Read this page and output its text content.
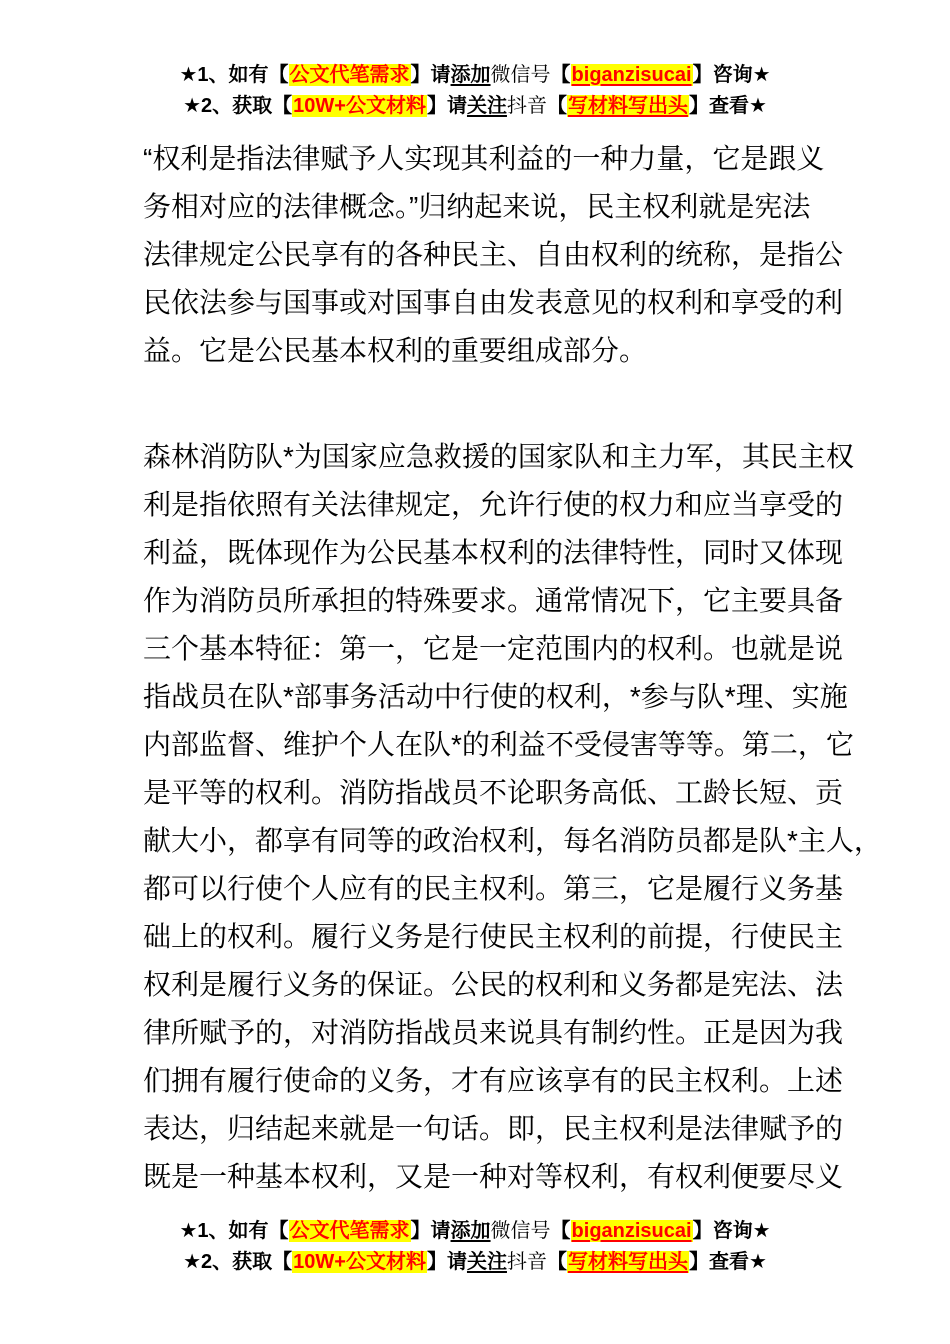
★1、如有【公文代笔需求】请添加微信号【biganzisucai】咨询★
★2、获取【10W+公文材料】请关注抖音【写材料写出头】查看★
“权利是指法律赋予人实现其利益的一种力量，它是跟义
务相对应的法律概念。”归纳起来说，民主权利就是宪法
法律规定公民享有的各种民主、自由权利的统称，是指公
民依法参与国事或对国事自由发表意见的权利和享受的利
益。它是公民基本权利的重要组成部分。
森林消防队*为国家应急救援的国家队和主力军，其民主权
利是指依照有关法律规定，允许行使的权力和应当享受的
利益，既体现作为公民基本权利的法律特性，同时又体现
作为消防员所承担的特殊要求。通常情况下，它主要具备
三个基本特征：第一，它是一定范围内的权利。也就是说
指战员在队*部事务活动中行使的权利，*参与队*理、实施
内部监督、维护个人在队*的利益不受侵害等等。第二，它
是平等的权利。消防指战员不论职务高低、工龄长短、贡
献大小，都享有同等的政治权利，每名消防员都是队*主人，
都可以行使个人应有的民主权利。第三，它是履行义务基
础上的权利。履行义务是行使民主权利的前提，行使民主
权利是履行义务的保证。公民的权利和义务都是宪法、法
律所赋予的，对消防指战员来说具有制约性。正是因为我
们拥有履行使命的义务，才有应该享有的民主权利。上述
表达，归结起来就是一句话。即，民主权利是法律赋予的
既是一种基本权利，又是一种对等权利，有权利便要尽义
★1、如有【公文代笔需求】请添加微信号【biganzisucai】咨询★
★2、获取【10W+公文材料】请关注抖音【写材料写出头】查看★
